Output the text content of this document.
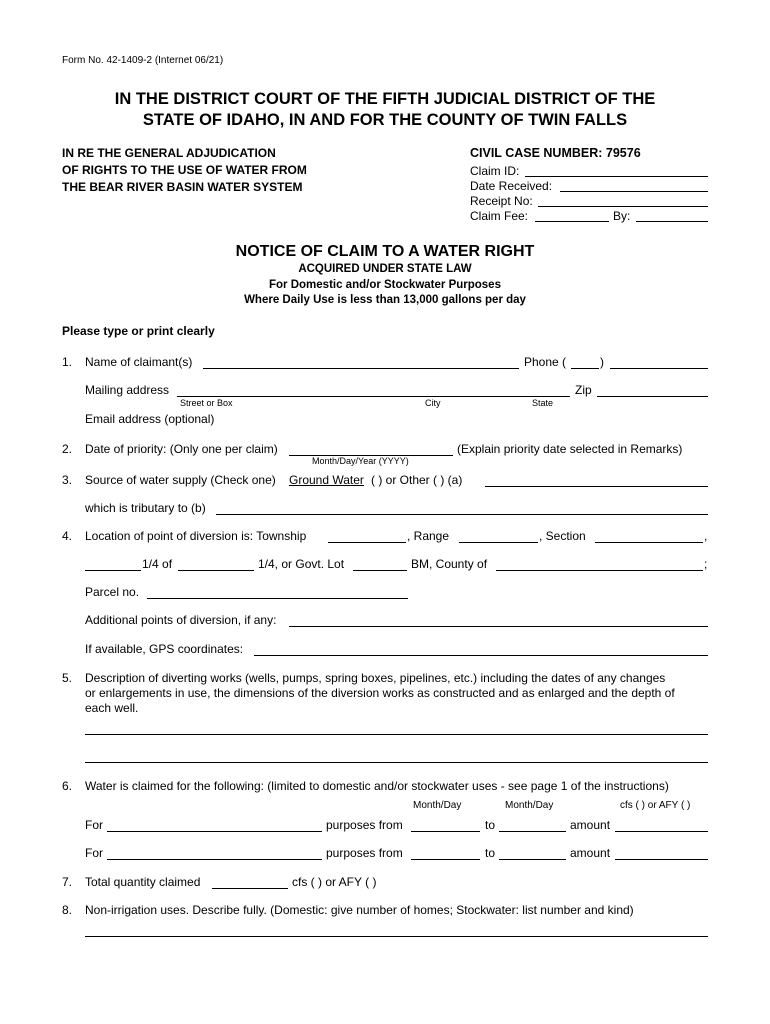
Form No. 42-1409-2 (Internet 06/21)
IN THE DISTRICT COURT OF THE FIFTH JUDICIAL DISTRICT OF THE
STATE OF IDAHO, IN AND FOR THE COUNTY OF TWIN FALLS
IN RE THE GENERAL ADJUDICATION
OF RIGHTS TO THE USE OF WATER FROM
THE BEAR RIVER BASIN WATER SYSTEM
CIVIL CASE NUMBER: 79576
Claim ID:
Date Received:
Receipt No:
Claim Fee:	By:
NOTICE OF CLAIM TO A WATER RIGHT
ACQUIRED UNDER STATE LAW
For Domestic and/or Stockwater Purposes
Where Daily Use is less than 13,000 gallons per day
Please type or print clearly
1. Name of claimant(s)	Phone (	)
Mailing address	Zip
Street or Box	City	State
Email address (optional)
2. Date of priority: (Only one per claim)	(Explain priority date selected in Remarks)
Month/Day/Year (YYYY)
3. Source of water supply (Check one) Ground Water ( ) or Other ( ) (a)
which is tributary to (b)
4. Location of point of diversion is: Township	, Range	, Section	,
1/4 of	1/4, or Govt. Lot	BM, County of	;
Parcel no.
Additional points of diversion, if any:
If available, GPS coordinates:
5. Description of diverting works (wells, pumps, spring boxes, pipelines, etc.) including the dates of any changes
or enlargements in use, the dimensions of the diversion works as constructed and as enlarged and the depth of
each well.
6. Water is claimed for the following: (limited to domestic and/or stockwater uses - see page 1 of the instructions)
Month/Day	Month/Day	cfs ( ) or AFY ( )
For	purposes from	to	amount
For	purposes from	to	amount
7. Total quantity claimed	cfs ( ) or AFY ( )
8. Non-irrigation uses. Describe fully. (Domestic: give number of homes; Stockwater: list number and kind)
